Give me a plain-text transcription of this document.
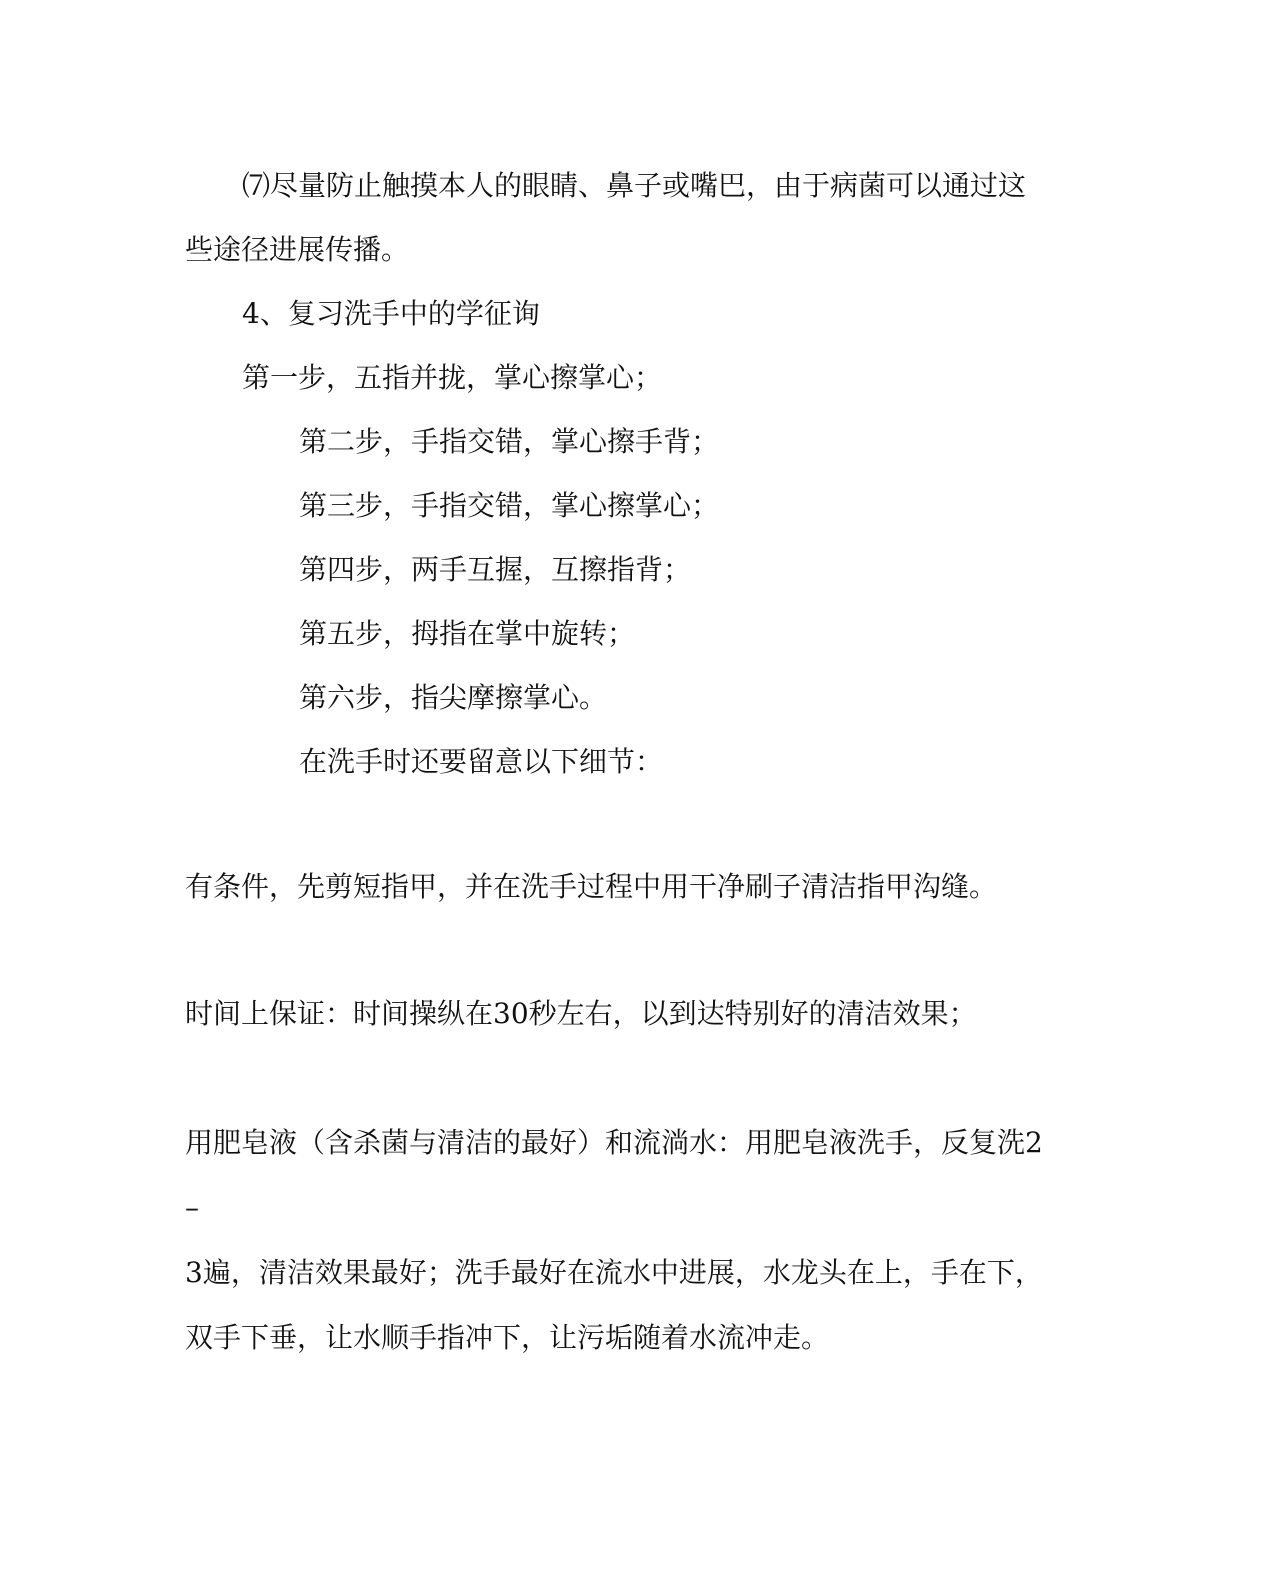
⑺尽量防止触摸本人的眼睛、鼻子或嘴巴，由于病菌可以通过这

些途径进展传播。

4、复习洗手中的学征询

第一步，五指并拢，掌心擦掌心；

第二步，手指交错，掌心擦手背；

第三步，手指交错，掌心擦掌心；

第四步，两手互握，互擦指背；

第五步，拇指在掌中旋转；

第六步，指尖摩擦掌心。

在洗手时还要留意以下细节：

有条件，先剪短指甲，并在洗手过程中用干净刷子清洁指甲沟缝。

时间上保证：时间操纵在30秒左右，以到达特别好的清洁效果；

用肥皂液（含杀菌与清洁的最好）和流淌水：用肥皂液洗手，反复洗2

–

3遍，清洁效果最好；洗手最好在流水中进展，水龙头在上，手在下，

双手下垂，让水顺手指冲下，让污垢随着水流冲走。
